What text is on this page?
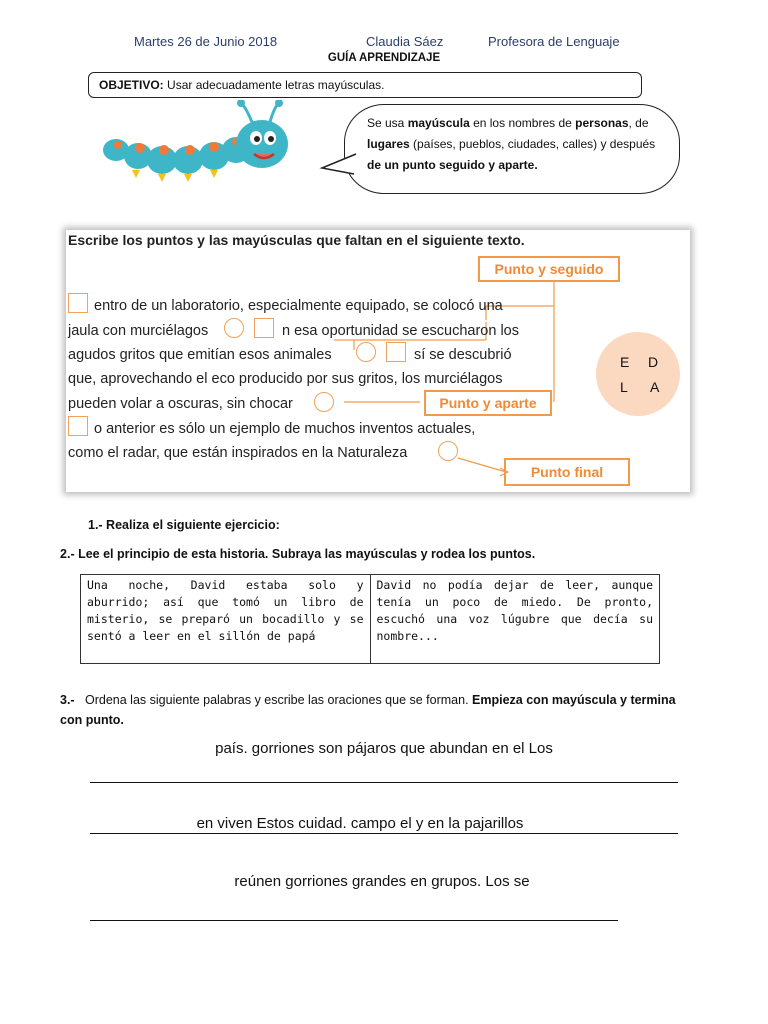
Martes 26 de Junio 2018	Claudia Sáez	Profesora de Lenguaje
GUÍA APRENDIZAJE
OBJETIVO: Usar adecuadamente letras mayúsculas.
Se usa mayúscula en los nombres de personas, de lugares (países, pueblos, ciudades, calles) y después de un punto seguido y aparte.
Escribe los puntos y las mayúsculas que faltan en el siguiente texto.
Punto y seguido
Punto y aparte
Punto final
E D
L A
entro de un laboratorio, especialmente equipado, se colocó una
jaula con murciélagos	n esa oportunidad se escucharon los
agudos gritos que emitían esos animales	sí se descubrió
que, aprovechando el eco producido por sus gritos, los murciélagos
pueden volar a oscuras, sin chocar
o anterior es sólo un ejemplo de muchos inventos actuales,
como el radar, que están inspirados en la Naturaleza
1.- Realiza el siguiente ejercicio:
2.- Lee el principio de esta historia. Subraya las mayúsculas y rodea los puntos.
Una noche, David estaba solo y aburrido; así que tomó un libro de misterio, se preparó un bocadillo y se sentó a leer en el sillón de papá	David no podía dejar de leer, aunque tenía un poco de miedo. De pronto, escuchó una voz lúgubre que decía su nombre...
3.- Ordena las siguiente palabras y escribe las oraciones que se forman. Empieza con mayúscula y termina con punto.
país. gorriones son pájaros que abundan en el Los
en viven Estos cuidad. campo el y en la pajarillos
reúnen gorriones grandes en grupos. Los se
